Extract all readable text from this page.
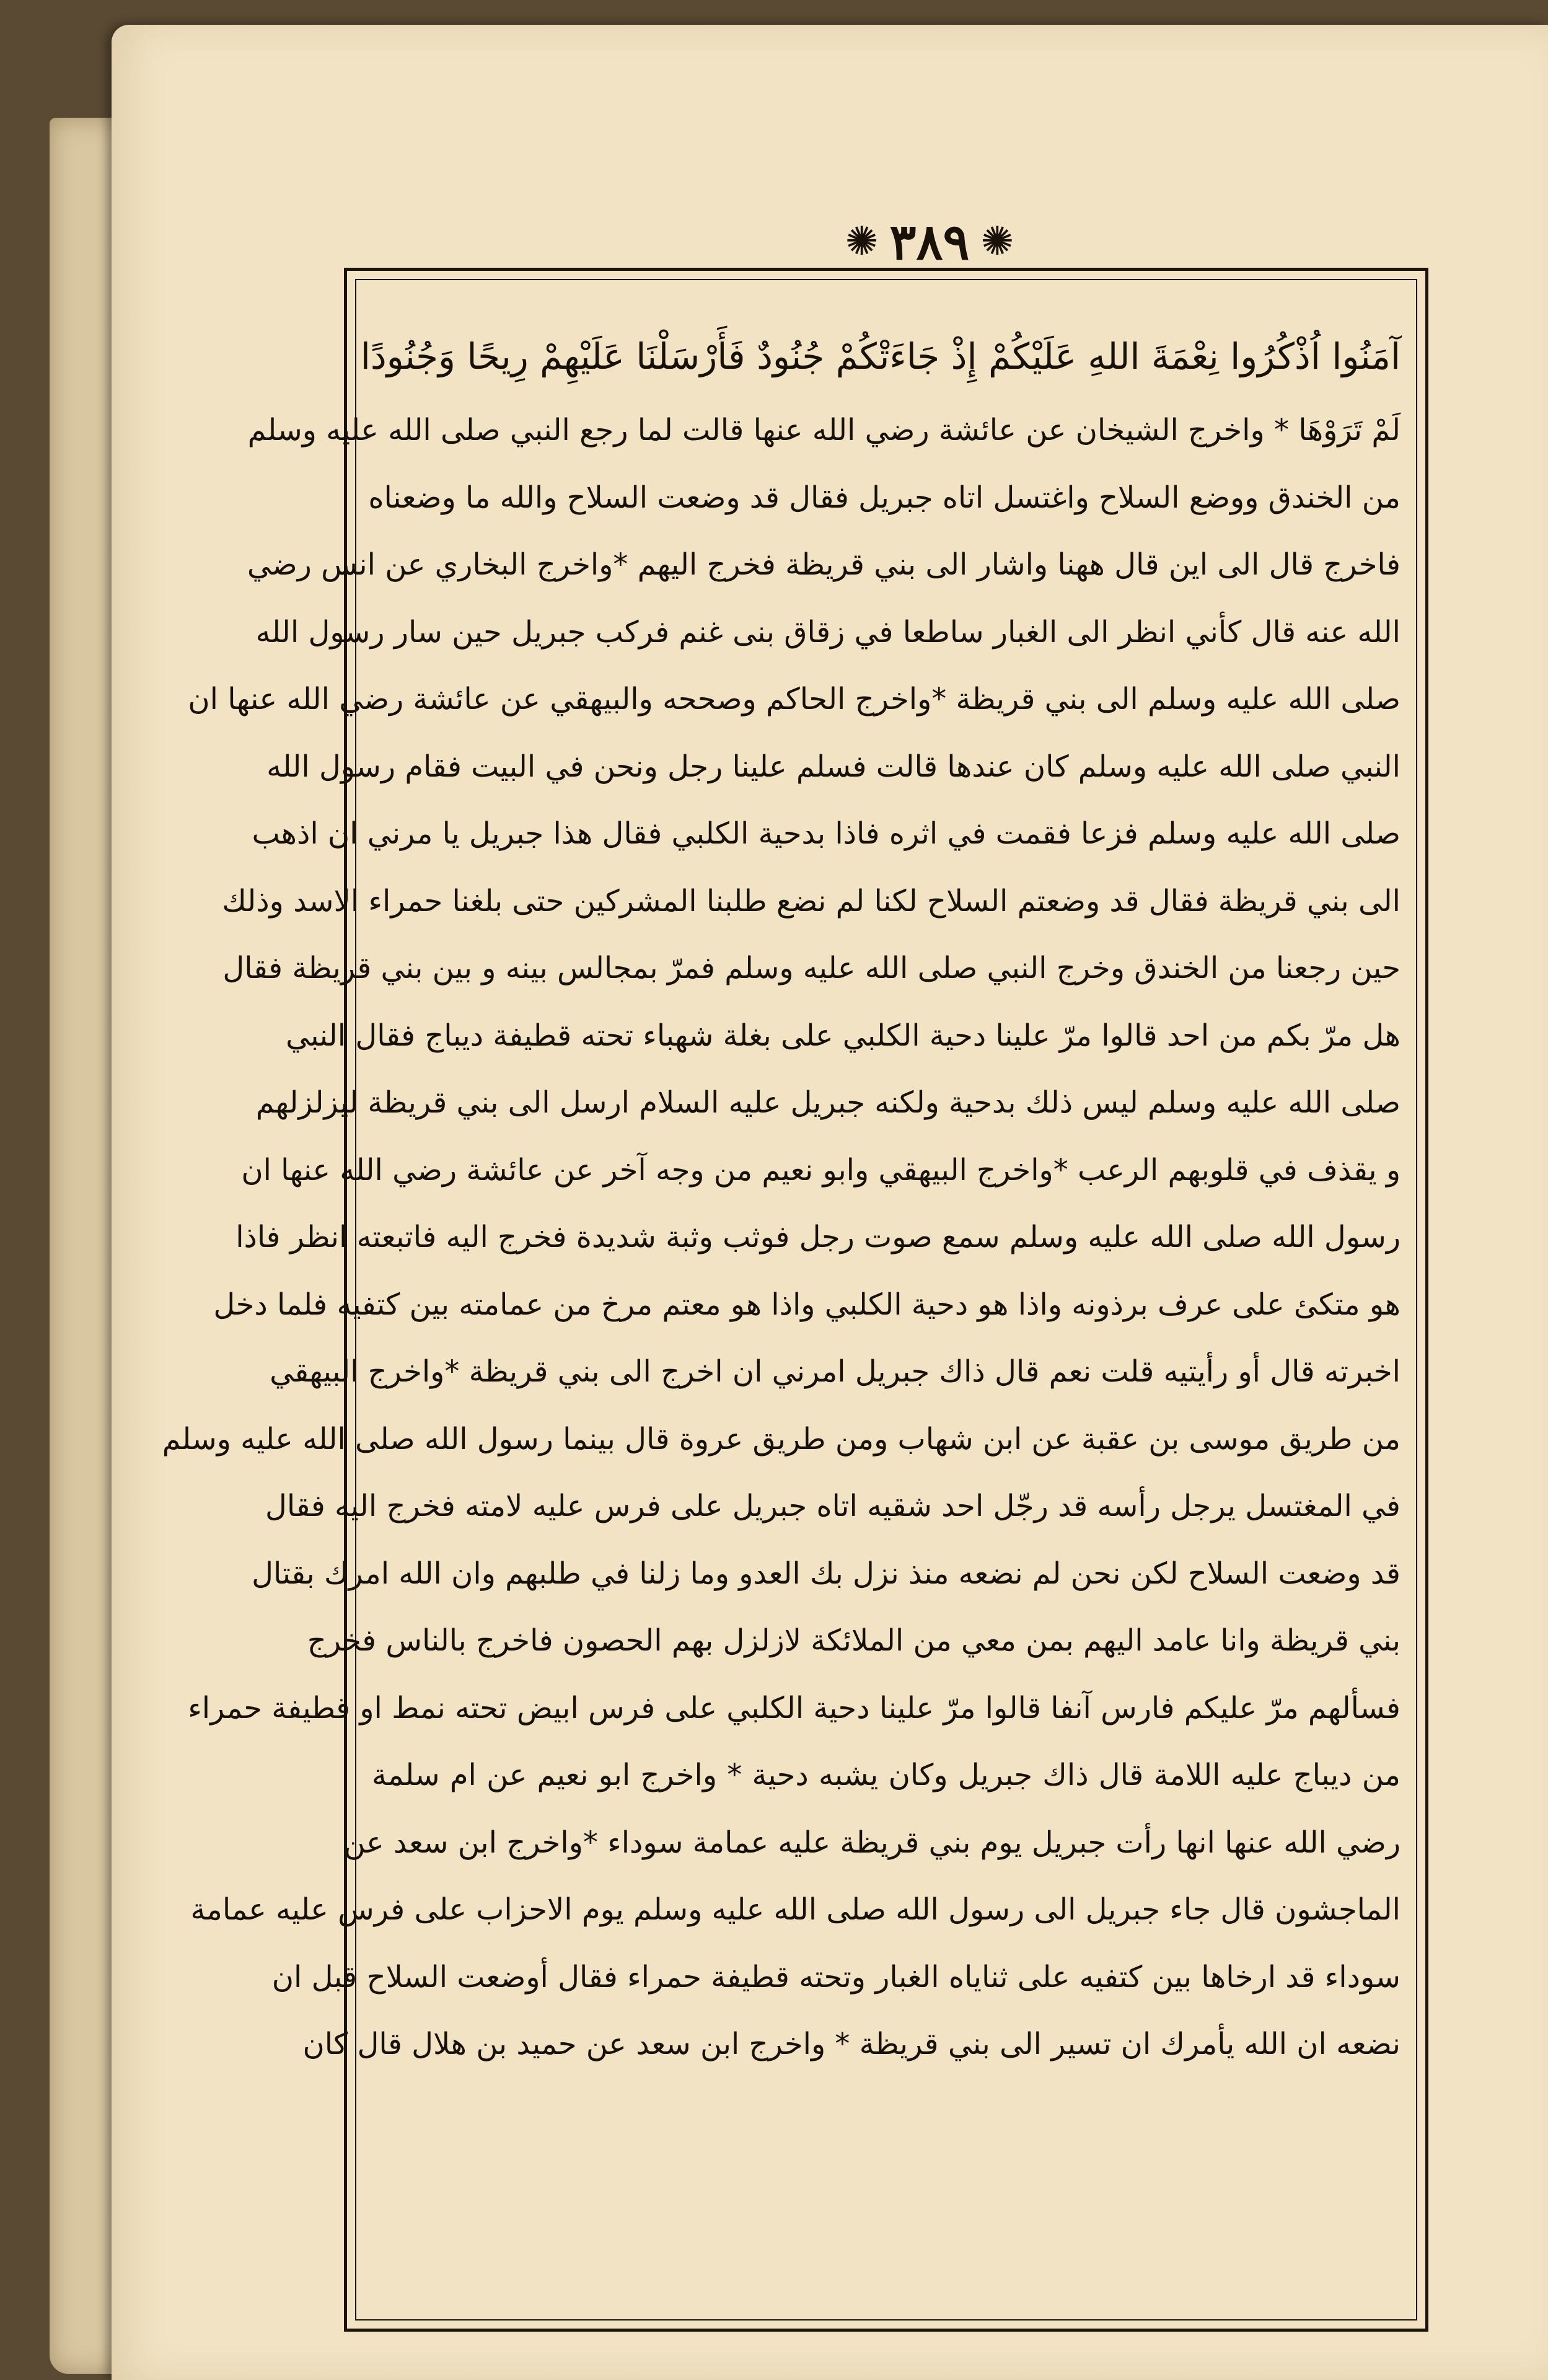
✺ ٣٨٩ ✺
آمَنُوا اُذْكُرُوا نِعْمَةَ اللهِ عَلَيْكُمْ إِذْ جَاءَتْكُمْ جُنُودٌ فَأَرْسَلْنَا عَلَيْهِمْ رِيحًا وَجُنُودًا
لَمْ تَرَوْهَا * واخرج الشيخان عن عائشة رضي الله عنها قالت لما رجع النبي صلى الله عليه وسلم
من الخندق ووضع السلاح واغتسل اتاه جبريل فقال قد وضعت السلاح والله ما وضعناه
فاخرج قال الى اين قال ههنا واشار الى بني قريظة فخرج اليهم *واخرج البخاري عن انس رضي
الله عنه قال كأني انظر الى الغبار ساطعا في زقاق بنى غنم فركب جبريل حين سار رسول الله
صلى الله عليه وسلم الى بني قريظة *واخرج الحاكم وصححه والبيهقي عن عائشة رضي الله عنها ان
النبي صلى الله عليه وسلم كان عندها قالت فسلم علينا رجل ونحن في البيت فقام رسول الله
صلى الله عليه وسلم فزعا فقمت في اثره فاذا بدحية الكلبي فقال هذا جبريل يا مرني ان اذهب
الى بني قريظة فقال قد وضعتم السلاح لكنا لم نضع طلبنا المشركين حتى بلغنا حمراء الاسد وذلك
حين رجعنا من الخندق وخرج النبي صلى الله عليه وسلم فمرّ بمجالس بينه و بين بني قريظة فقال
هل مرّ بكم من احد قالوا مرّ علينا دحية الكلبي على بغلة شهباء تحته قطيفة ديباج فقال النبي
صلى الله عليه وسلم ليس ذلك بدحية ولكنه جبريل عليه السلام ارسل الى بني قريظة ليزلزلهم
و يقذف في قلوبهم الرعب *واخرج البيهقي وابو نعيم من وجه آخر عن عائشة رضي الله عنها ان
رسول الله صلى الله عليه وسلم سمع صوت رجل فوثب وثبة شديدة فخرج اليه فاتبعته انظر فاذا
هو متكئ على عرف برذونه واذا هو دحية الكلبي واذا هو معتم مرخ من عمامته بين كتفيه فلما دخل
اخبرته قال أو رأيتيه قلت نعم قال ذاك جبريل امرني ان اخرج الى بني قريظة *واخرج البيهقي
من طريق موسى بن عقبة عن ابن شهاب ومن طريق عروة قال بينما رسول الله صلى الله عليه وسلم
في المغتسل يرجل رأسه قد رجّل احد شقيه اتاه جبريل على فرس عليه لامته فخرج اليه فقال
قد وضعت السلاح لكن نحن لم نضعه منذ نزل بك العدو وما زلنا في طلبهم وان الله امرك بقتال
بني قريظة وانا عامد اليهم بمن معي من الملائكة لازلزل بهم الحصون فاخرج بالناس فخرج
فسألهم مرّ عليكم فارس آنفا قالوا مرّ علينا دحية الكلبي على فرس ابيض تحته نمط او قطيفة حمراء
من ديباج عليه اللامة قال ذاك جبريل وكان يشبه دحية * واخرج ابو نعيم عن ام سلمة
رضي الله عنها انها رأت جبريل يوم بني قريظة عليه عمامة سوداء *واخرج ابن سعد عن
الماجشون قال جاء جبريل الى رسول الله صلى الله عليه وسلم يوم الاحزاب على فرس عليه عمامة
سوداء قد ارخاها بين كتفيه على ثناياه الغبار وتحته قطيفة حمراء فقال أوضعت السلاح قبل ان
نضعه ان الله يأمرك ان تسير الى بني قريظة * واخرج ابن سعد عن حميد بن هلال قال كان
